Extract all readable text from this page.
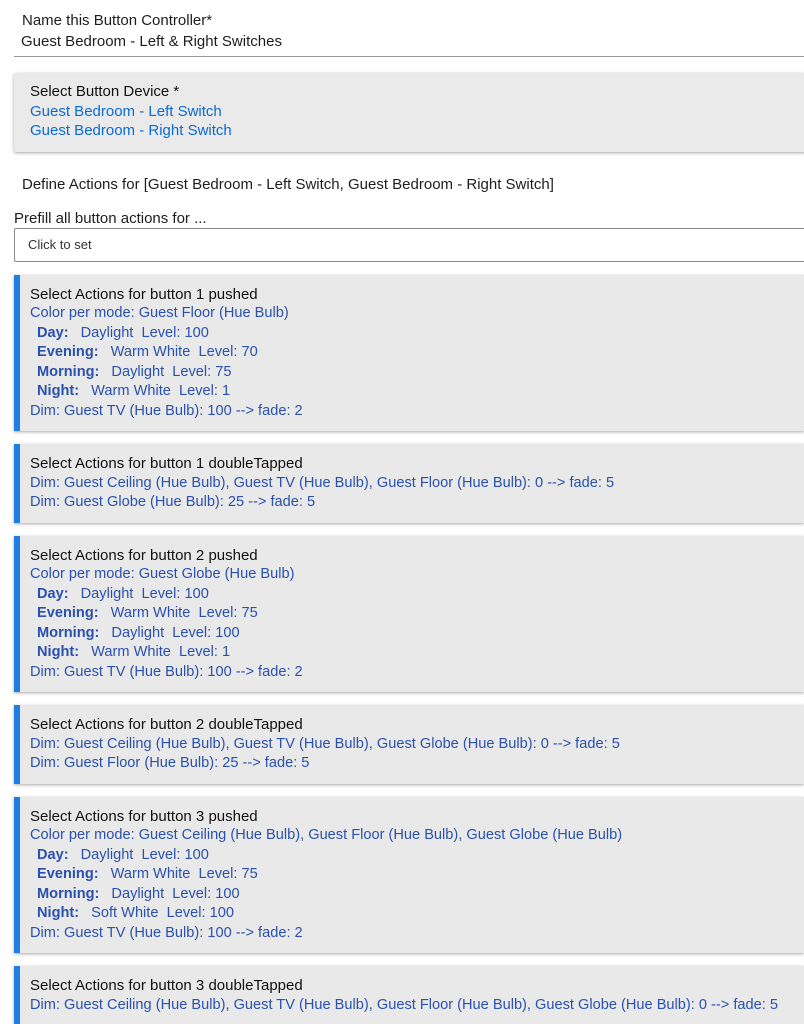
Name this Button Controller*
Guest Bedroom - Left & Right Switches
Select Button Device *
Guest Bedroom - Left Switch
Guest Bedroom - Right Switch
Define Actions for [Guest Bedroom - Left Switch, Guest Bedroom - Right Switch]
Prefill all button actions for ...
Click to set
Select Actions for button 1 pushed
Color per mode: Guest Floor (Hue Bulb)
Day: Daylight  Level: 100
Evening: Warm White  Level: 70
Morning: Daylight  Level: 75
Night: Warm White  Level: 1
Dim: Guest TV (Hue Bulb): 100 --> fade: 2
Select Actions for button 1 doubleTapped
Dim: Guest Ceiling (Hue Bulb), Guest TV (Hue Bulb), Guest Floor (Hue Bulb): 0 --> fade: 5
Dim: Guest Globe (Hue Bulb): 25 --> fade: 5
Select Actions for button 2 pushed
Color per mode: Guest Globe (Hue Bulb)
Day: Daylight  Level: 100
Evening: Warm White  Level: 75
Morning: Daylight  Level: 100
Night: Warm White  Level: 1
Dim: Guest TV (Hue Bulb): 100 --> fade: 2
Select Actions for button 2 doubleTapped
Dim: Guest Ceiling (Hue Bulb), Guest TV (Hue Bulb), Guest Globe (Hue Bulb): 0 --> fade: 5
Dim: Guest Floor (Hue Bulb): 25 --> fade: 5
Select Actions for button 3 pushed
Color per mode: Guest Ceiling (Hue Bulb), Guest Floor (Hue Bulb), Guest Globe (Hue Bulb)
Day: Daylight  Level: 100
Evening: Warm White  Level: 75
Morning: Daylight  Level: 100
Night: Soft White  Level: 100
Dim: Guest TV (Hue Bulb): 100 --> fade: 2
Select Actions for button 3 doubleTapped
Dim: Guest Ceiling (Hue Bulb), Guest TV (Hue Bulb), Guest Floor (Hue Bulb), Guest Globe (Hue Bulb): 0 --> fade: 5
